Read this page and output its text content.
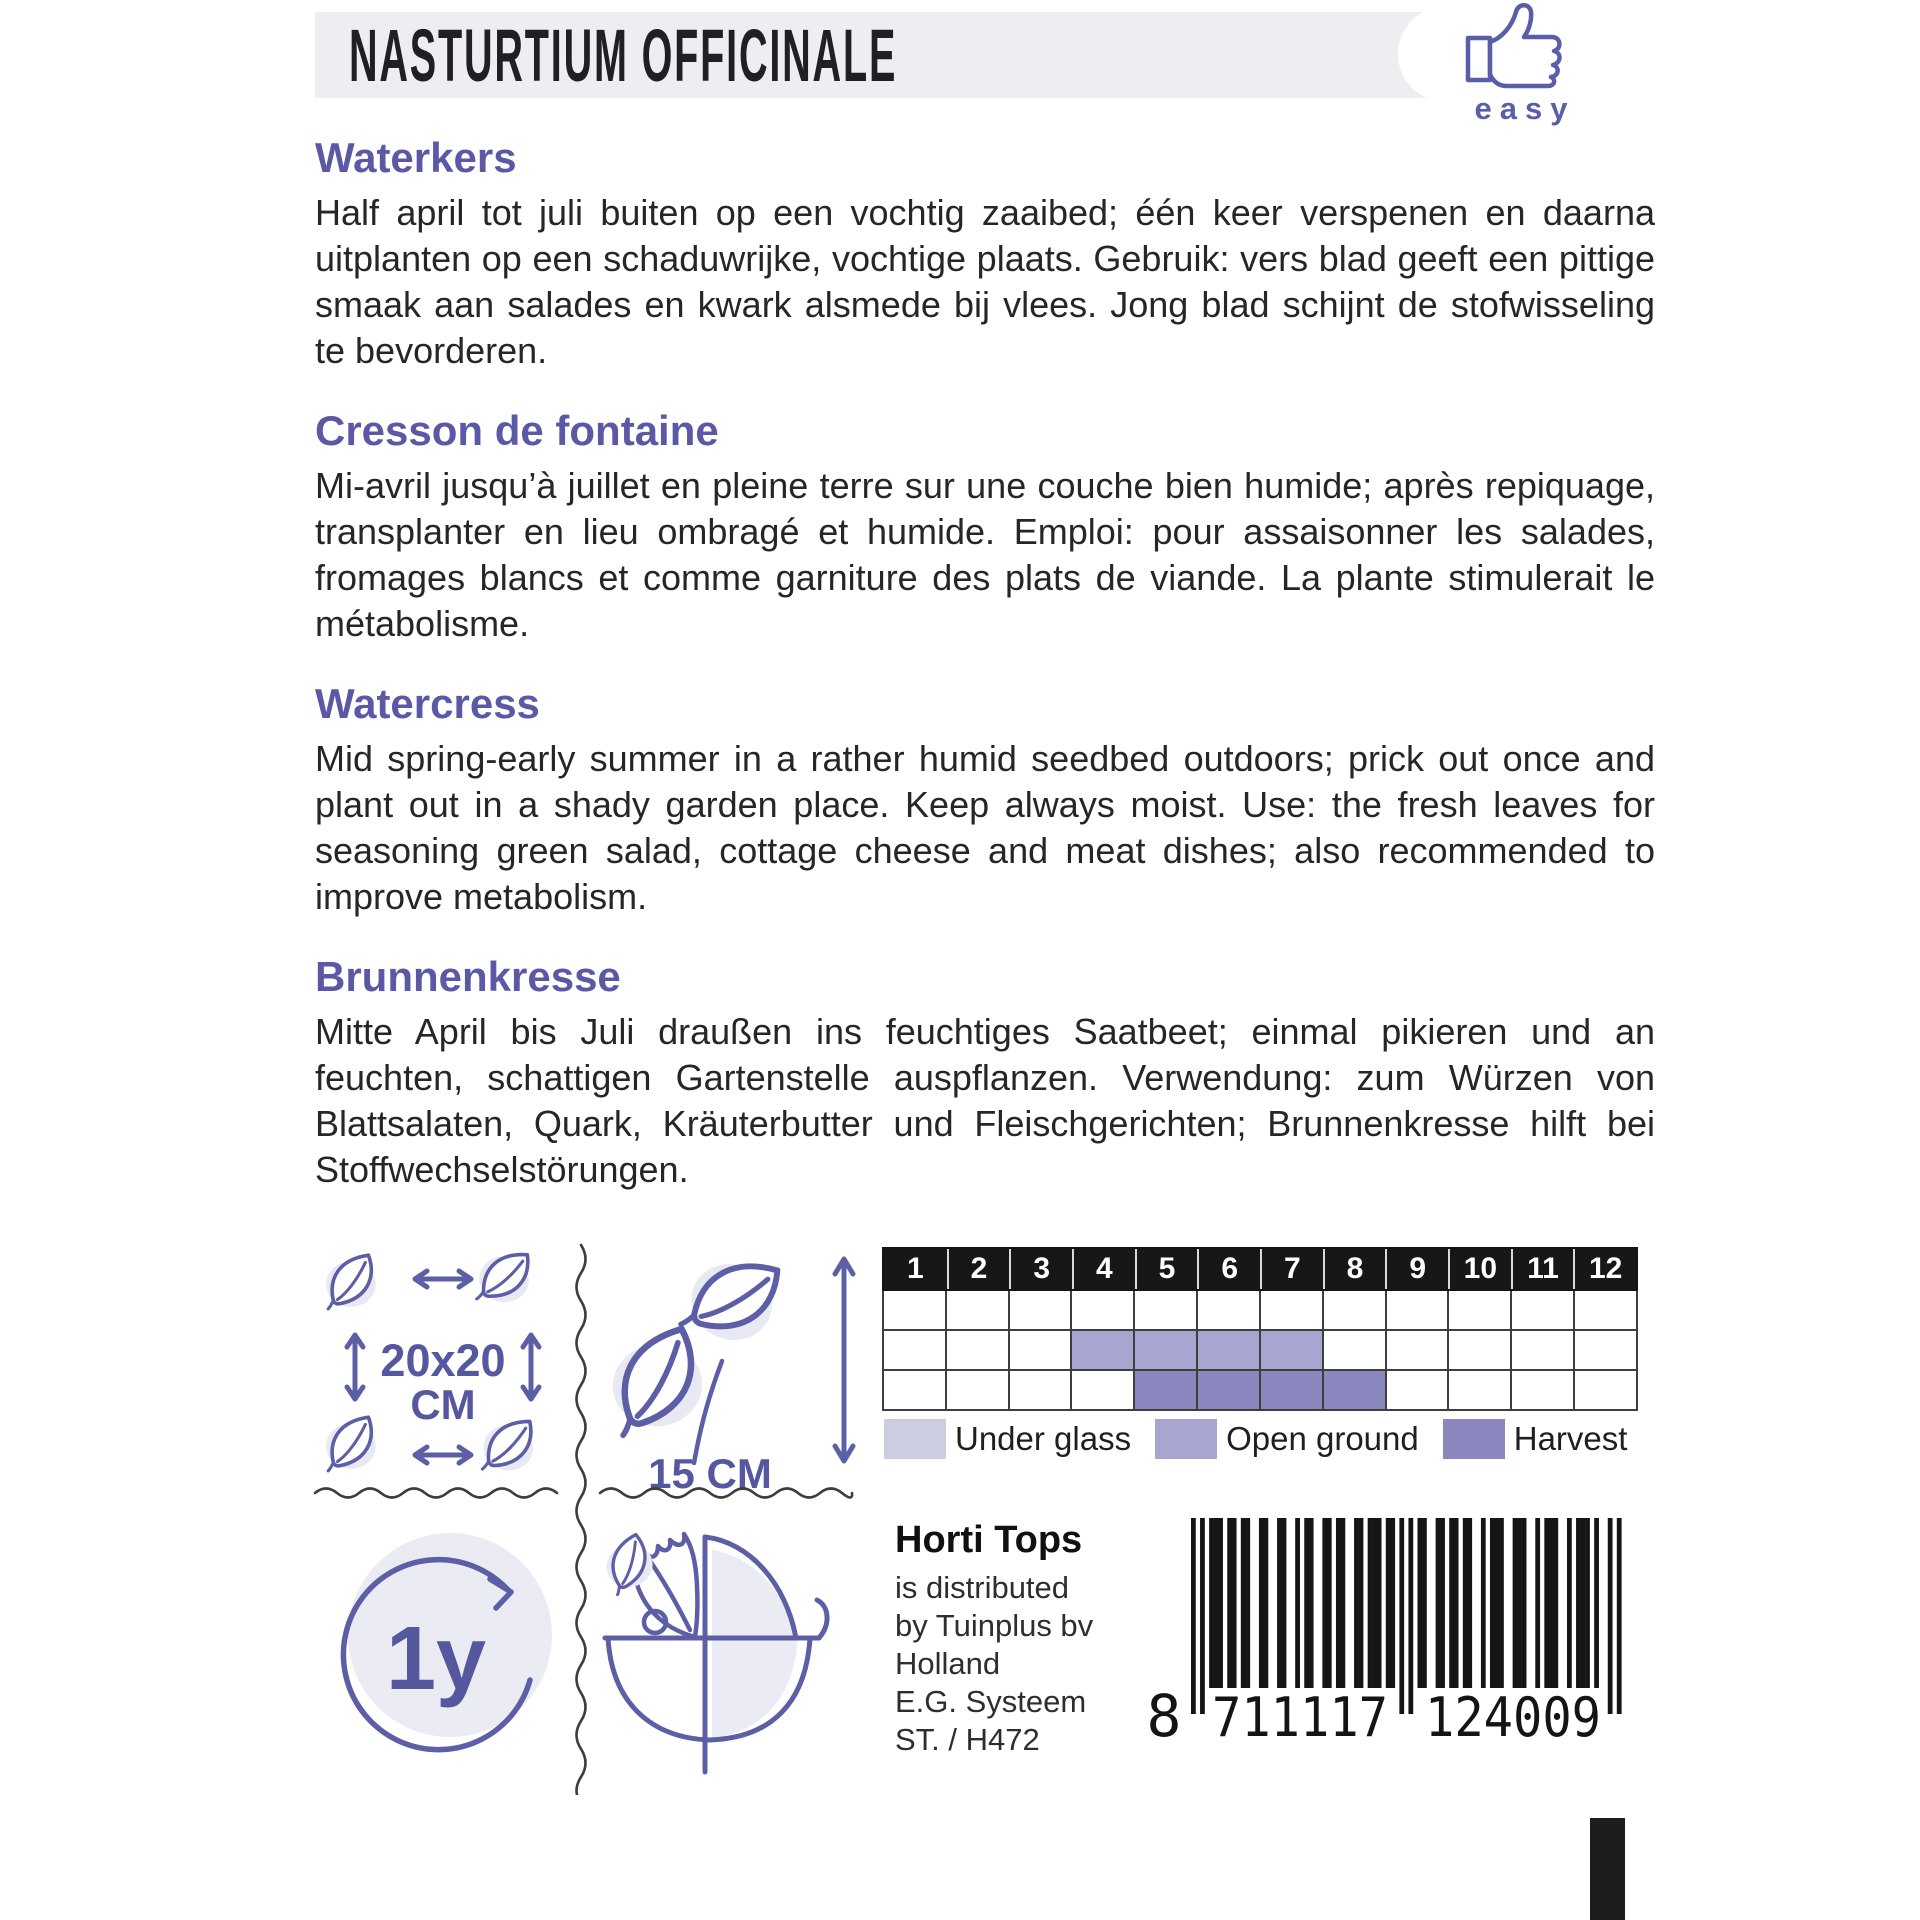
NASTURTIUM OFFICINALE
easy
Waterkers

Half april tot juli buiten op een vochtig zaaibed; één keer verspenen en daarna uitplanten op een schaduwrijke, vochtige plaats. Gebruik: vers blad geeft een pittige smaak aan salades en kwark alsmede bij vlees. Jong blad schijnt de stofwisseling te bevorderen.

Cresson de fontaine

Mi-avril jusqu’à juillet en pleine terre sur une couche bien humide; après repiquage, transplanter en lieu ombragé et humide. Emploi: pour assaisonner les salades, fromages blancs et comme garniture des plats de viande. La plante stimulerait le métabolisme.

Watercress

Mid spring-early summer in a rather humid seedbed outdoors; prick out once and plant out in a shady garden place. Keep always moist. Use: the fresh leaves for seasoning green salad, cottage cheese and meat dishes; also recommended to improve metabolism.

Brunnenkresse

Mitte April bis Juli draußen ins feuchtiges Saatbeet; einmal pikieren und an feuchten, schattigen Gartenstelle auspflanzen. Verwendung: zum Würzen von Blattsalaten, Quark, Kräuterbutter und Fleischgerichten; Brunnenkresse hilft bei Stoffwechselstörungen.

20x20
CM
15 CM
1y
1	2	3	4	5	6	7	8	9	10	11	12
Under glass	Open ground	Harvest
Horti Tops
is distributed
by Tuinplus bv
Holland
E.G. Systeem
ST. / H472	8 711117 124009
